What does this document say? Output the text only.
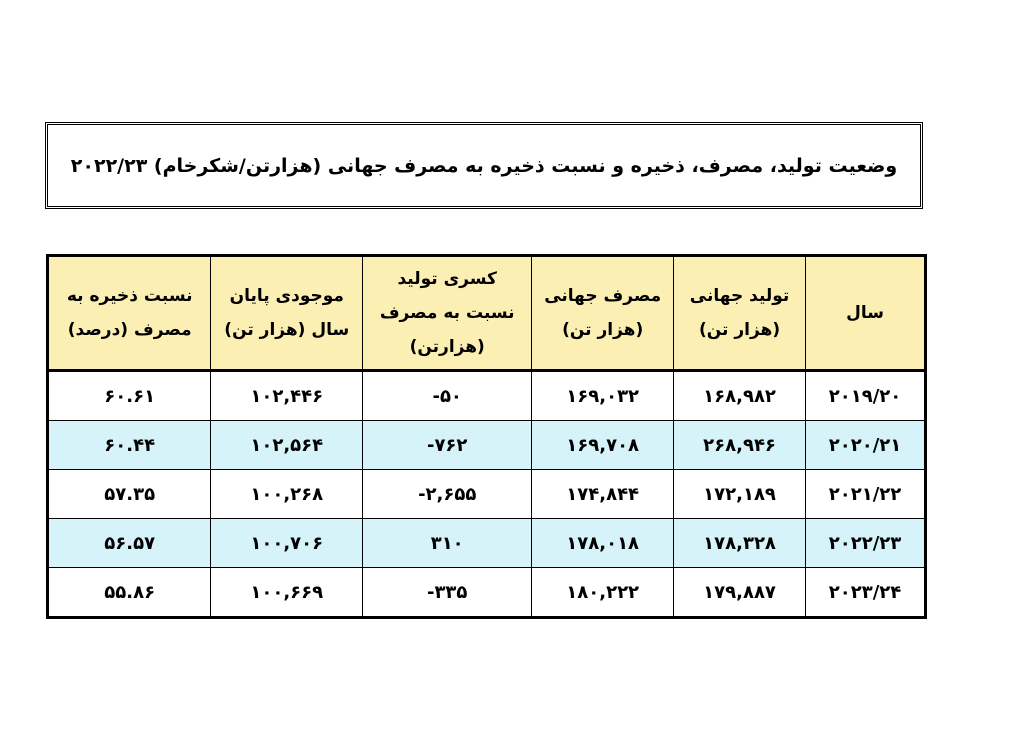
وضعیت تولید، مصرف، ذخیره و نسبت ذخیره به مصرف جهانی (هزارتن/شکرخام) ۲۰۲۲/۲۳
سال	تولید جهانی (هزار تن)	مصرف جهانی (هزار تن)	کسری تولید نسبت به مصرف (هزارتن)	موجودی پایان سال (هزار تن)	نسبت ذخیره به مصرف (درصد)
۲۰۱۹/۲۰	۱۶۸,۹۸۲	۱۶۹,۰۳۲	-۵۰	۱۰۲,۴۴۶	۶۰.۶۱
۲۰۲۰/۲۱	۲۶۸,۹۴۶	۱۶۹,۷۰۸	-۷۶۲	۱۰۲,۵۶۴	۶۰.۴۴
۲۰۲۱/۲۲	۱۷۲,۱۸۹	۱۷۴,۸۴۴	-۲,۶۵۵	۱۰۰,۲۶۸	۵۷.۳۵
۲۰۲۲/۲۳	۱۷۸,۳۲۸	۱۷۸,۰۱۸	۳۱۰	۱۰۰,۷۰۶	۵۶.۵۷
۲۰۲۳/۲۴	۱۷۹,۸۸۷	۱۸۰,۲۲۲	-۳۳۵	۱۰۰,۶۶۹	۵۵.۸۶
